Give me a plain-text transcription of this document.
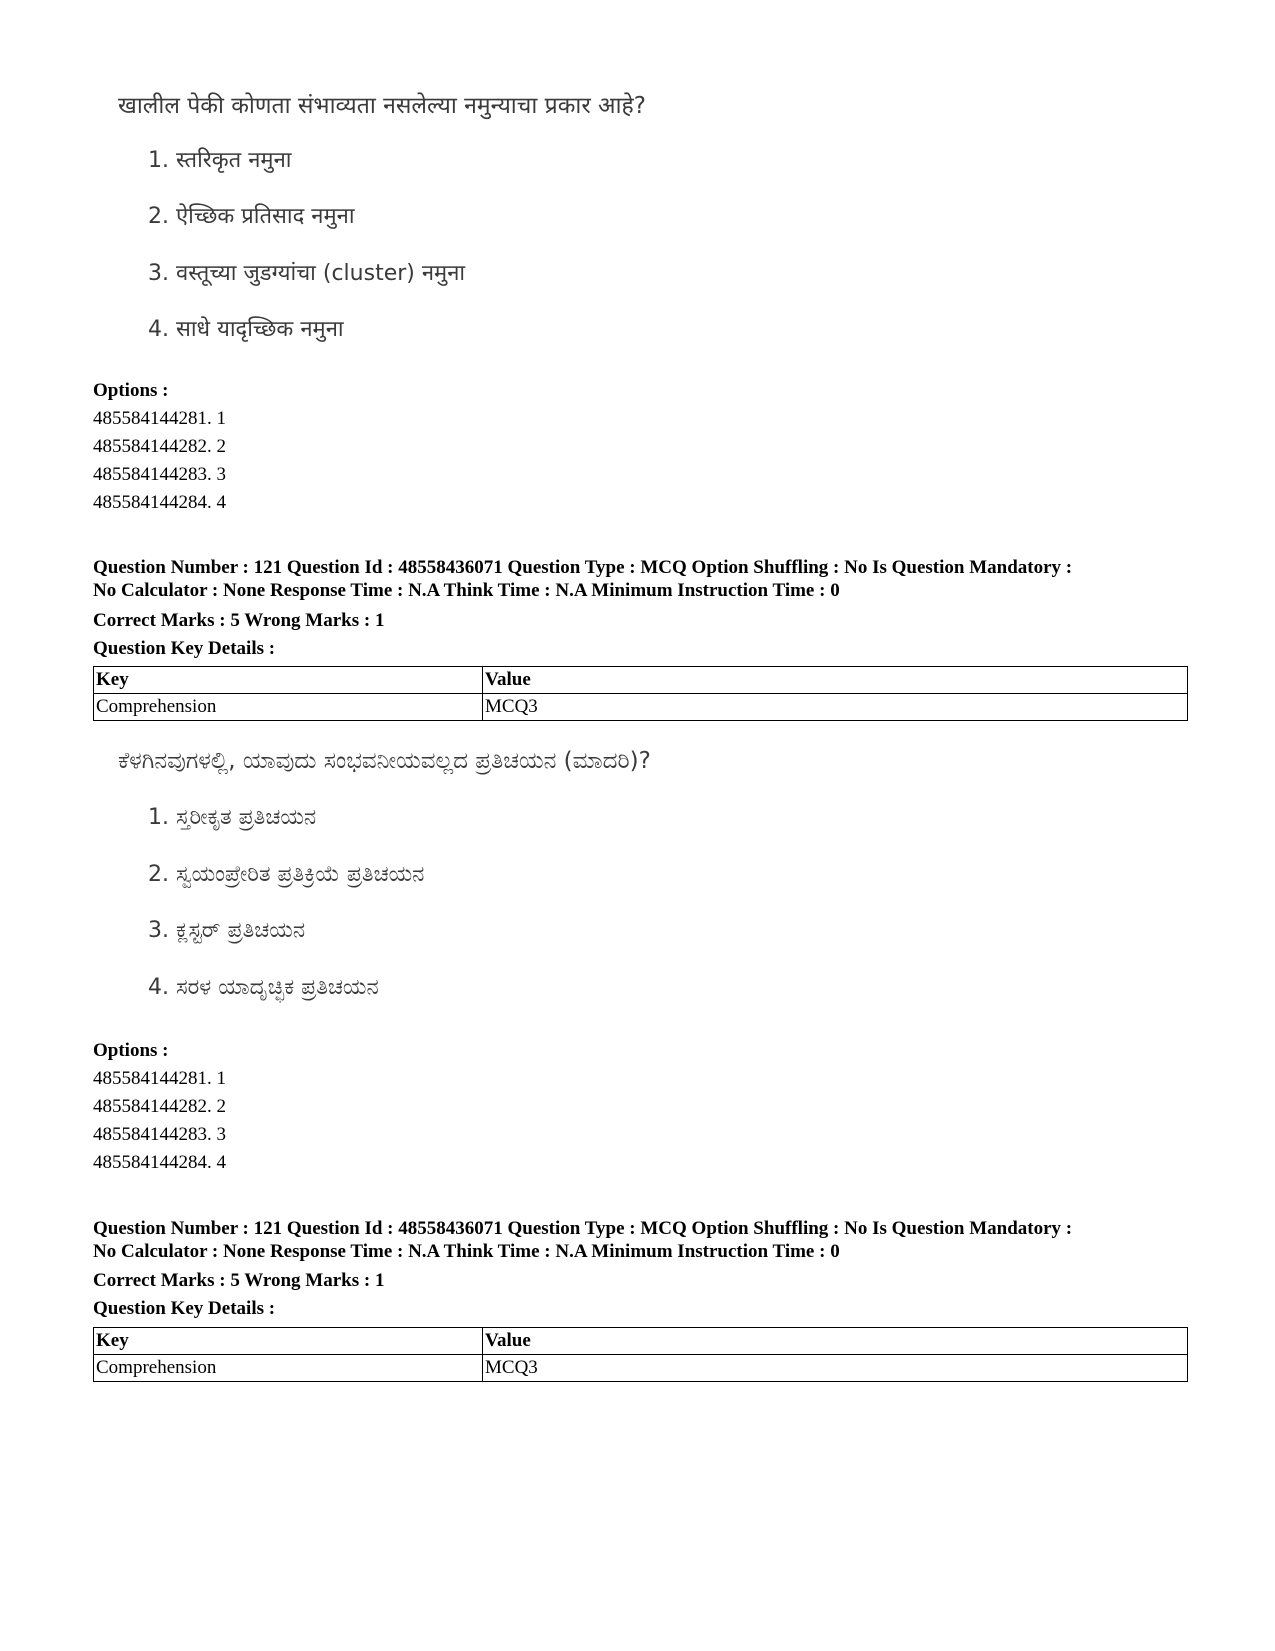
खालील पेकी कोणता संभाव्यता नसलेल्या नमुन्याचा प्रकार आहे?
1. स्तरिकृत नमुना
2. ऐच्छिक प्रतिसाद नमुना
3. वस्तूच्या जुडग्यांचा (cluster) नमुना
4. साधे यादृच्छिक नमुना
Options :
485584144281. 1
485584144282. 2
485584144283. 3
485584144284. 4
Question Number : 121 Question Id : 48558436071 Question Type : MCQ Option Shuffling : No Is Question Mandatory :
No Calculator : None Response Time : N.A Think Time : N.A Minimum Instruction Time : 0
Correct Marks : 5 Wrong Marks : 1
Question Key Details :
Key	Value
Comprehension	MCQ3
ಕೆಳಗಿನವುಗಳಲ್ಲಿ, ಯಾವುದು ಸಂಭವನೀಯವಲ್ಲದ ಪ್ರತಿಚಯನ (ಮಾದರಿ)?
1. ಸ್ತರೀಕೃತ ಪ್ರತಿಚಯನ
2. ಸ್ವಯಂಪ್ರೇರಿತ ಪ್ರತಿಕ್ರಿಯೆ ಪ್ರತಿಚಯನ
3. ಕ್ಲಸ್ಟರ್ ಪ್ರತಿಚಯನ
4. ಸರಳ ಯಾದೃಚ್ಛಿಕ ಪ್ರತಿಚಯನ
Options :
485584144281. 1
485584144282. 2
485584144283. 3
485584144284. 4
Question Number : 121 Question Id : 48558436071 Question Type : MCQ Option Shuffling : No Is Question Mandatory :
No Calculator : None Response Time : N.A Think Time : N.A Minimum Instruction Time : 0
Correct Marks : 5 Wrong Marks : 1
Question Key Details :
Key	Value
Comprehension	MCQ3
